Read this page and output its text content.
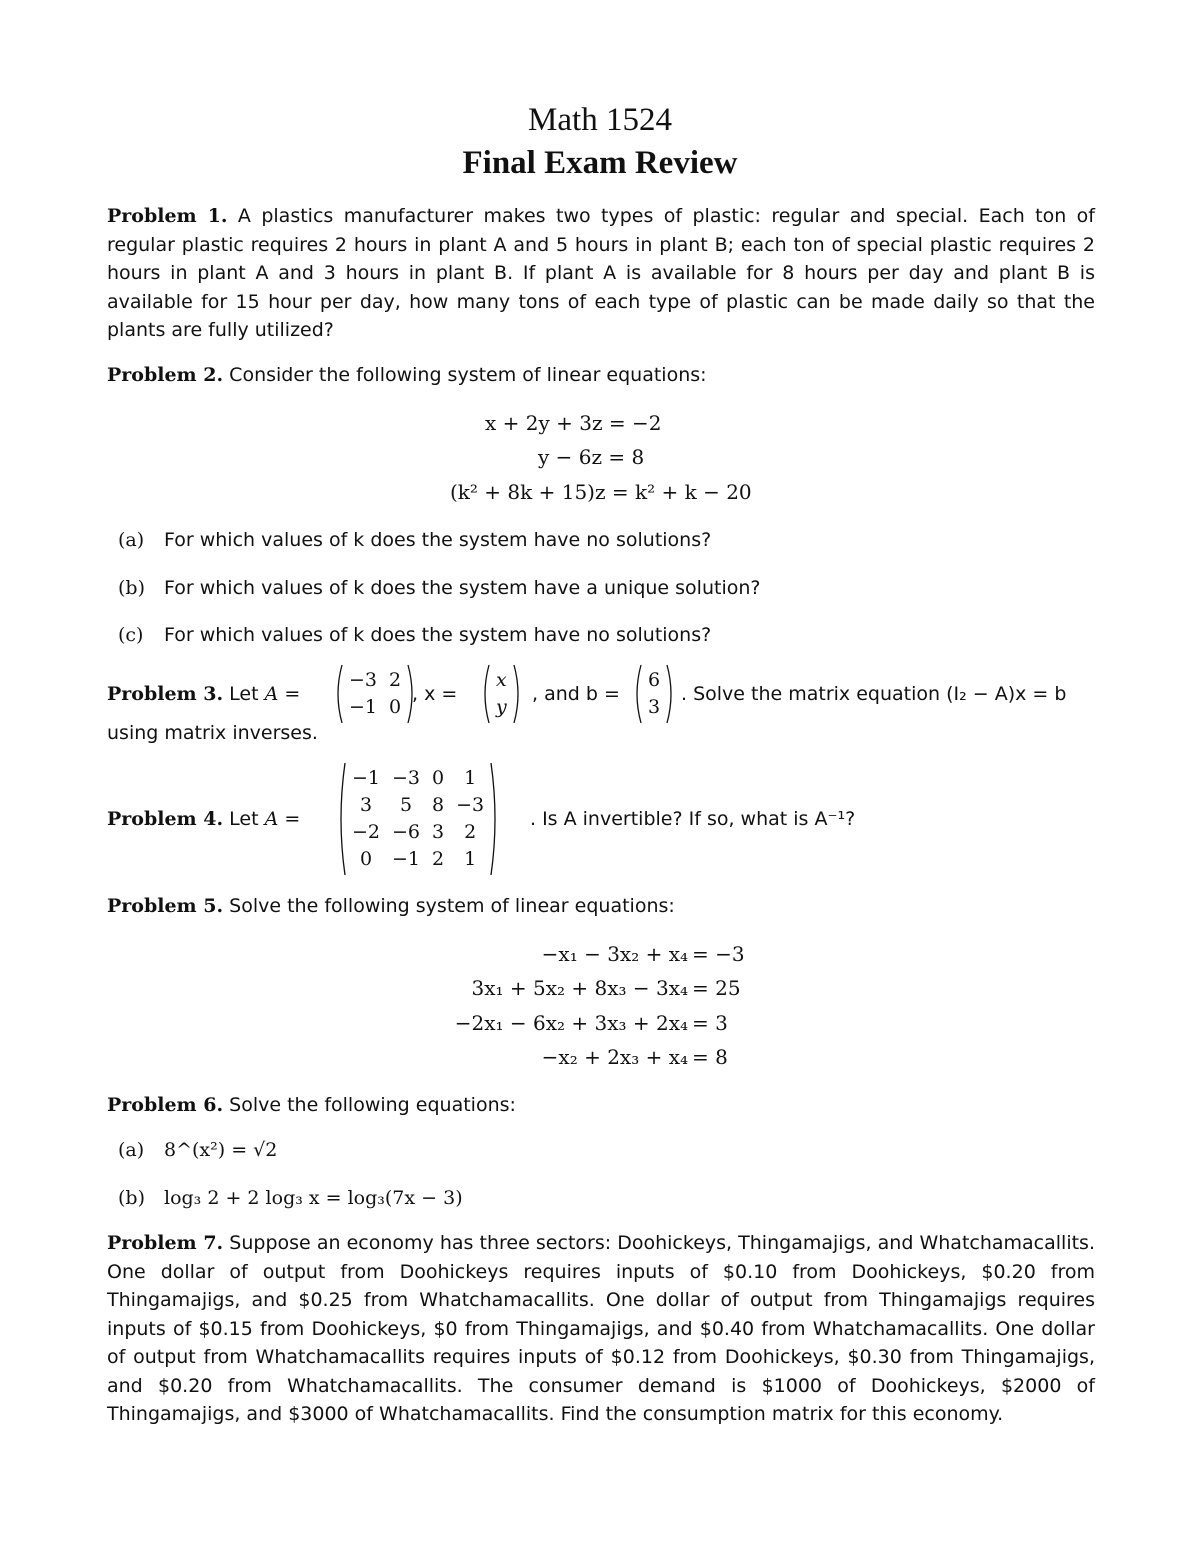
Math 1524
Final Exam Review
Problem 1. A plastics manufacturer makes two types of plastic: regular and special. Each ton of regular plastic requires 2 hours in plant A and 5 hours in plant B; each ton of special plastic requires 2 hours in plant A and 3 hours in plant B. If plant A is available for 8 hours per day and plant B is available for 15 hour per day, how many tons of each type of plastic can be made daily so that the plants are fully utilized?
Problem 2. Consider the following system of linear equations:
x + 2y + 3z = −2
y − 6z = 8
(k² + 8k + 15)z = k² + k − 20
(a) For which values of k does the system have no solutions?
(b) For which values of k does the system have a unique solution?
(c) For which values of k does the system have no solutions?
Problem 3. Let A =
−3	2
−1	0
, x =
x
y
, and b =
6
3
. Solve the matrix equation (I₂ − A)x = b
using matrix inverses.
Problem 4. Let A =
−1	−3	0	1
3	5	8	−3
−2	−6	3	2
0	−1	2	1
. Is A invertible? If so, what is A⁻¹?
Problem 5. Solve the following system of linear equations:
−x₁ − 3x₂ + x₄ = −3
3x₁ + 5x₂ + 8x₃ − 3x₄ = 25
−2x₁ − 6x₂ + 3x₃ + 2x₄ = 3
−x₂ + 2x₃ + x₄ = 8
Problem 6. Solve the following equations:
(a) 8^(x²) = √2
(b) log₃ 2 + 2 log₃ x = log₃(7x − 3)
Problem 7. Suppose an economy has three sectors: Doohickeys, Thingamajigs, and Whatchamacallits. One dollar of output from Doohickeys requires inputs of $0.10 from Doohickeys, $0.20 from Thingamajigs, and $0.25 from Whatchamacallits. One dollar of output from Thingamajigs requires inputs of $0.15 from Doohickeys, $0 from Thingamajigs, and $0.40 from Whatchamacallits. One dollar of output from Whatchamacallits requires inputs of $0.12 from Doohickeys, $0.30 from Thingamajigs, and $0.20 from Whatchamacallits. The consumer demand is $1000 of Doohickeys, $2000 of Thingamajigs, and $3000 of Whatchamacallits. Find the consumption matrix for this economy.
